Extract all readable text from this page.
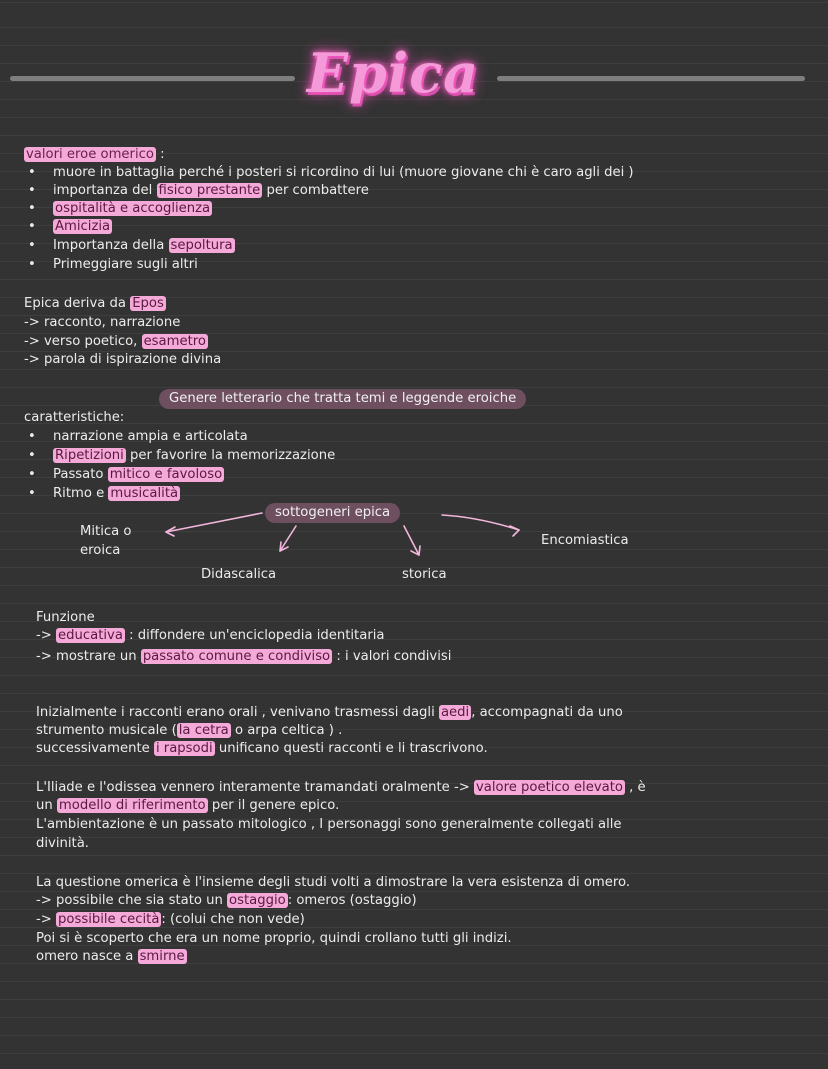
Epica
valori eroe omerico :
• muore in battaglia perché i posteri si ricordino di lui (muore giovane chi è caro agli dei )
• importanza del fisico prestante per combattere
• ospitalità e accoglienza
• Amicizia
• Importanza della sepoltura
• Primeggiare sugli altri
Epica deriva da Epos
-> racconto, narrazione
-> verso poetico, esametro
-> parola di ispirazione divina
Genere letterario che tratta temi e leggende eroiche
caratteristiche:
• narrazione ampia e articolata
• Ripetizioni per favorire la memorizzazione
• Passato mitico e favoloso
• Ritmo e musicalità
sottogeneri epica
Mitica o
eroica
Didascalica	storica
Encomiastica
Funzione
-> educativa : diffondere un'enciclopedia identitaria
-> mostrare un passato comune e condiviso : i valori condivisi
Inizialmente i racconti erano orali , venivano trasmessi dagli aedi , accompagnati da uno
strumento musicale ( la cetra o arpa celtica ) .
successivamente i rapsodi unificano questi racconti e li trascrivono.
L'Iliade e l'odissea vennero interamente tramandati oralmente -> valore poetico elevato , è
un modello di riferimento per il genere epico.
L'ambientazione è un passato mitologico , I personaggi sono generalmente collegati alle
divinità.
La questione omerica è l'insieme degli studi volti a dimostrare la vera esistenza di omero.
-> possibile che sia stato un ostaggio : omeros (ostaggio)
-> possibile cecità : (colui che non vede)
Poi si è scoperto che era un nome proprio, quindi crollano tutti gli indizi.
omero nasce a smirne
